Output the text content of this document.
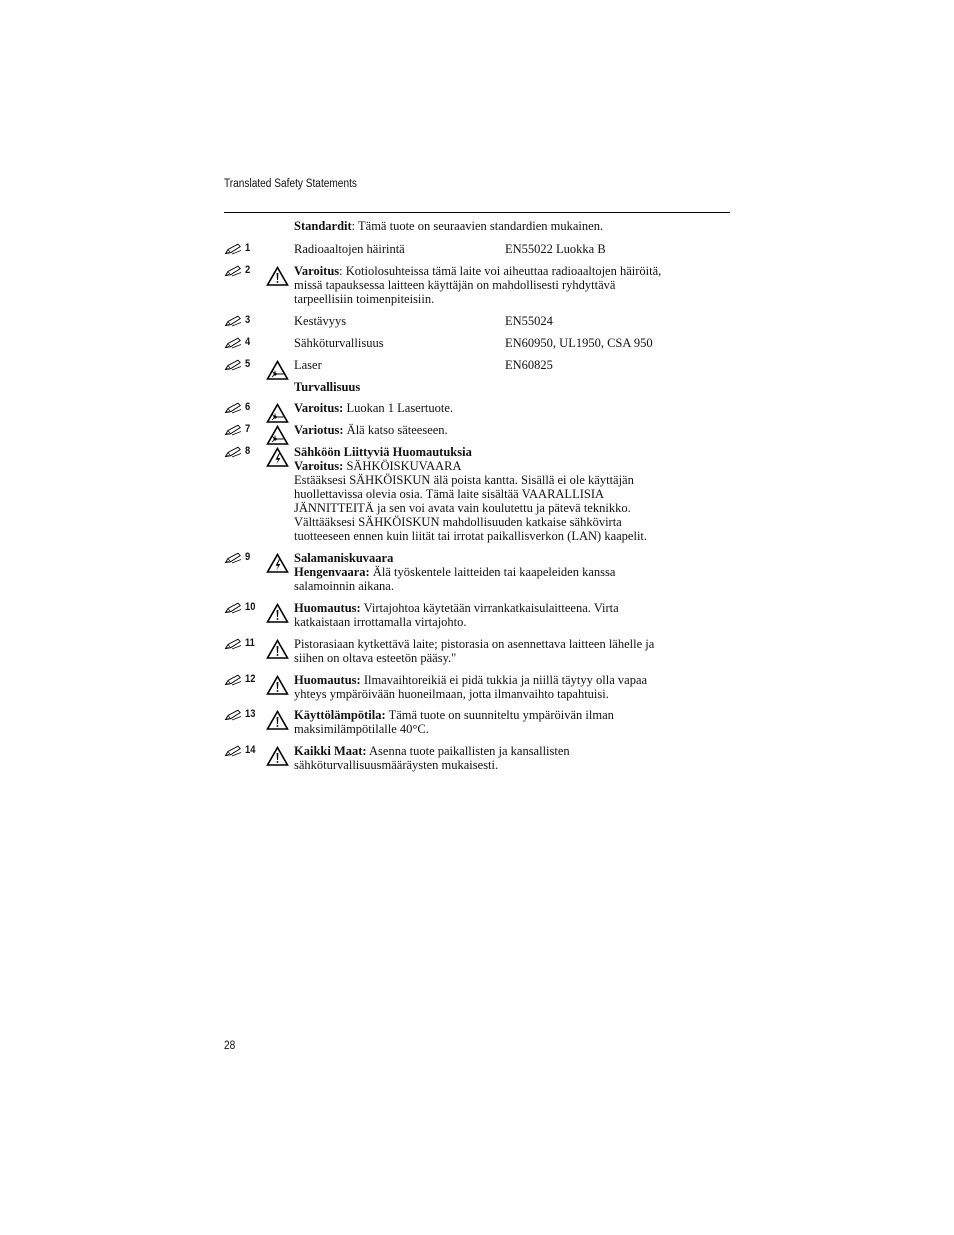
Translated Safety Statements
Standardit: Tämä tuote on seuraavien standardien mukainen.
1	Radioaaltojen häirintä	EN55022 Luokka B
2	Varoitus: Kotiolosuhteissa tämä laite voi aiheuttaa radioaaltojen häiröitä,
missä tapauksessa laitteen käyttäjän on mahdollisesti ryhdyttävä
tarpeellisiin toimenpiteisiin.
3	Kestävyys	EN55024
4	Sähköturvallisuus	EN60950, UL1950, CSA 950
5	Laser	EN60825
Turvallisuus
6	Varoitus: Luokan 1 Lasertuote.
7	Variotus: Älä katso säteeseen.
8	Sähköön Liittyviä Huomautuksia
Varoitus: SÄHKÖISKUVAARA
Estääksesi SÄHKÖISKUN älä poista kantta. Sisällä ei ole käyttäjän
huollettavissa olevia osia. Tämä laite sisältää VAARALLISIA
JÄNNITTEITÄ ja sen voi avata vain koulutettu ja pätevä teknikko.
Välttääksesi SÄHKÖISKUN mahdollisuuden katkaise sähkövirta
tuotteeseen ennen kuin liität tai irrotat paikallisverkon (LAN) kaapelit.
9	Salamaniskuvaara
Hengenvaara: Älä työskentele laitteiden tai kaapeleiden kanssa
salamoinnin aikana.
10	Huomautus: Virtajohtoa käytetään virrankatkaisulaitteena. Virta
katkaistaan irrottamalla virtajohto.
11	Pistorasiaan kytkettävä laite; pistorasia on asennettava laitteen lähelle ja
siihen on oltava esteetön pääsy."
12	Huomautus: Ilmavaihtoreikiä ei pidä tukkia ja niillä täytyy olla vapaa
yhteys ympäröivään huoneilmaan, jotta ilmanvaihto tapahtuisi.
13	Käyttölämpötila: Tämä tuote on suunniteltu ympäröivän ilman
maksimilämpötilalle 40°C.
14	Kaikki Maat: Asenna tuote paikallisten ja kansallisten
sähköturvallisuusmääräysten mukaisesti.
28
